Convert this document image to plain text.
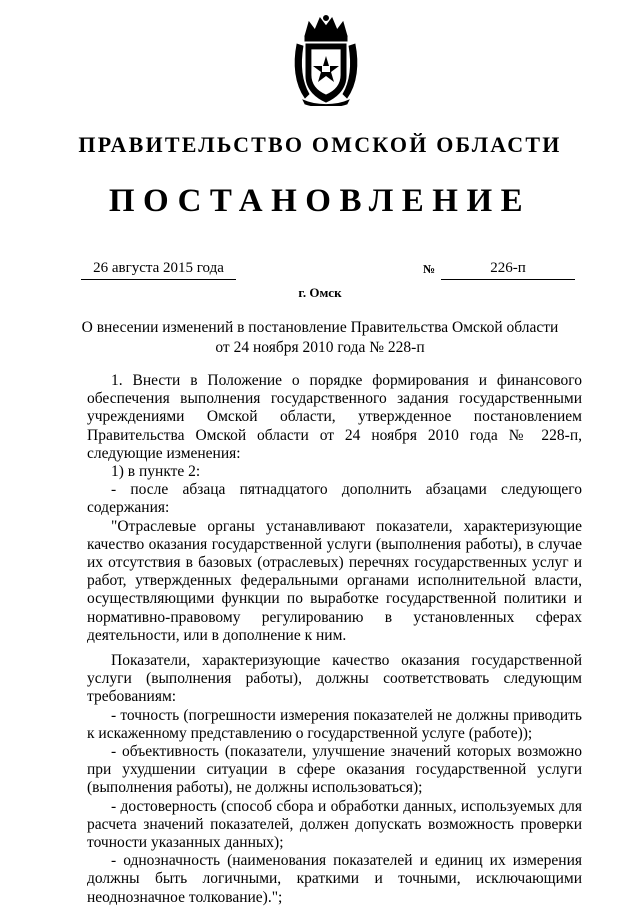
ПРАВИТЕЛЬСТВО ОМСКОЙ ОБЛАСТИ
ПОСТАНОВЛЕНИЕ
26 августа 2015 года	№	226-п
г. Омск
О внесении изменений в постановление Правительства Омской области
от 24 ноября 2010 года № 228-п

1. Внести в Положение о порядке формирования и финансового обеспечения выполнения государственного задания государственными учреждениями Омской области, утвержденное постановлением Правительства Омской области от 24 ноября 2010 года № 228-п, следующие изменения:

1) в пункте 2:

- после абзаца пятнадцатого дополнить абзацами следующего содержания:

"Отраслевые органы устанавливают показатели, характеризующие качество оказания государственной услуги (выполнения работы), в случае их отсутствия в базовых (отраслевых) перечнях государственных услуг и работ, утвержденных федеральными органами исполнительной власти, осуществляющими функции по выработке государственной политики и нормативно-правовому регулированию в установленных сферах деятельности, или в дополнение к ним.

Показатели, характеризующие качество оказания государственной услуги (выполнения работы), должны соответствовать следующим требованиям:

- точность (погрешности измерения показателей не должны приводить к искаженному представлению о государственной услуге (работе));

- объективность (показатели, улучшение значений которых возможно при ухудшении ситуации в сфере оказания государственной услуги (выполнения работы), не должны использоваться);

- достоверность (способ сбора и обработки данных, используемых для расчета значений показателей, должен допускать возможность проверки точности указанных данных);

- однозначность (наименования показателей и единиц их измерения должны быть логичными, краткими и точными, исключающими неоднозначное толкование).";
